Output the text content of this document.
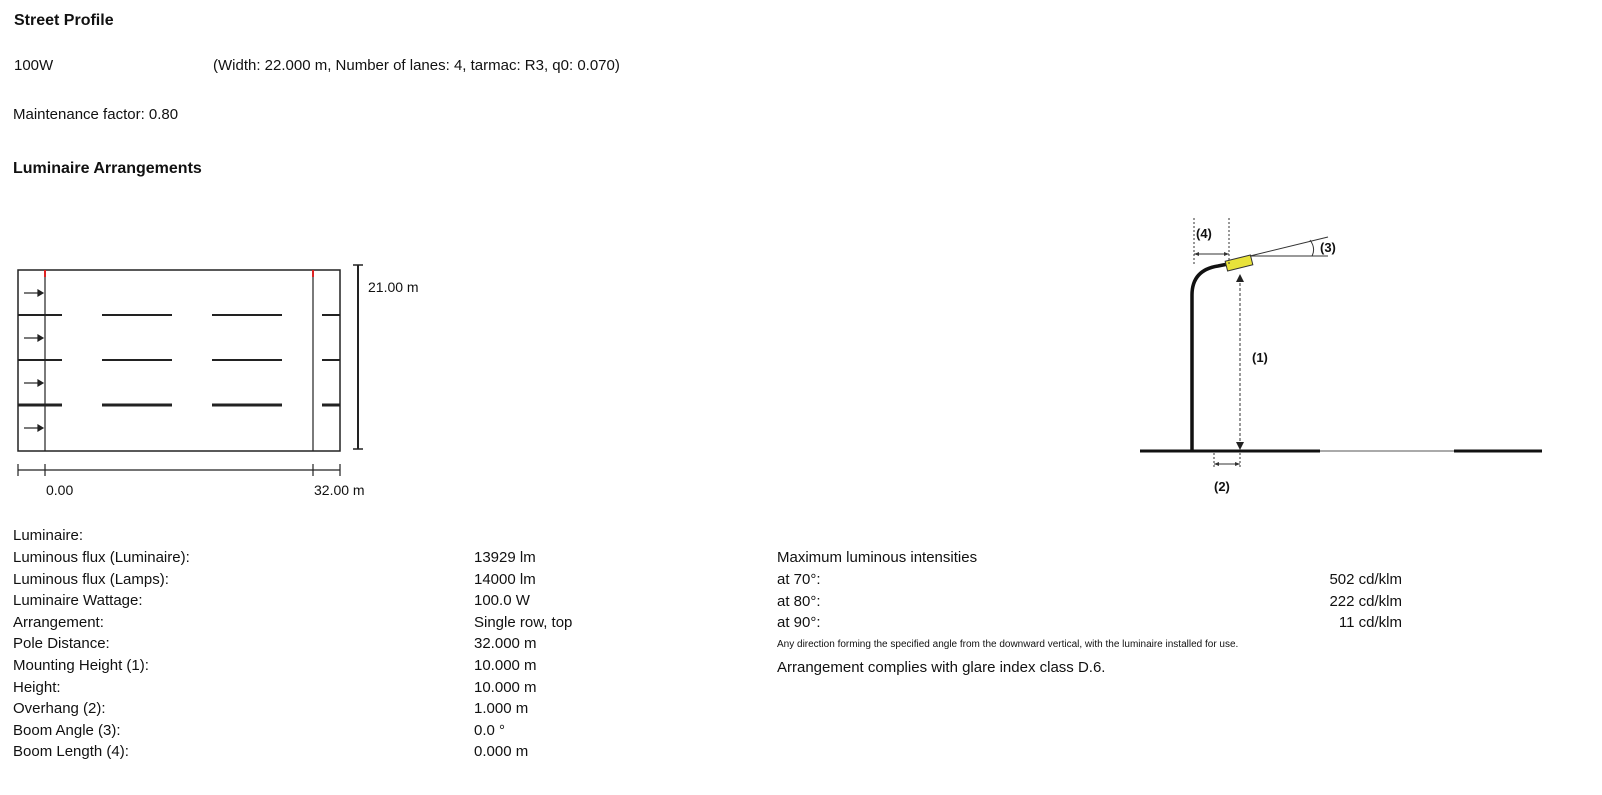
Street Profile
100W	(Width: 22.000 m, Number of lanes: 4, tarmac: R3, q0: 0.070)
Maintenance factor: 0.80
Luminaire Arrangements
21.00 m
0.00	32.00 m
(4)
(3)
(1)
(2)
Luminaire:
Luminous flux (Luminaire):	13929 lm
Luminous flux (Lamps):	14000 lm
Luminaire Wattage:	100.0 W
Arrangement:	Single row, top
Pole Distance:	32.000 m
Mounting Height (1):	10.000 m
Height:	10.000 m
Overhang (2):	1.000 m
Boom Angle (3):	0.0 °
Boom Length (4):	0.000 m
Maximum luminous intensities
at 70°:	502 cd/klm
at 80°:	222 cd/klm
at 90°:	11 cd/klm
Any direction forming the specified angle from the downward vertical, with the luminaire installed for use.
Arrangement complies with glare index class D.6.
